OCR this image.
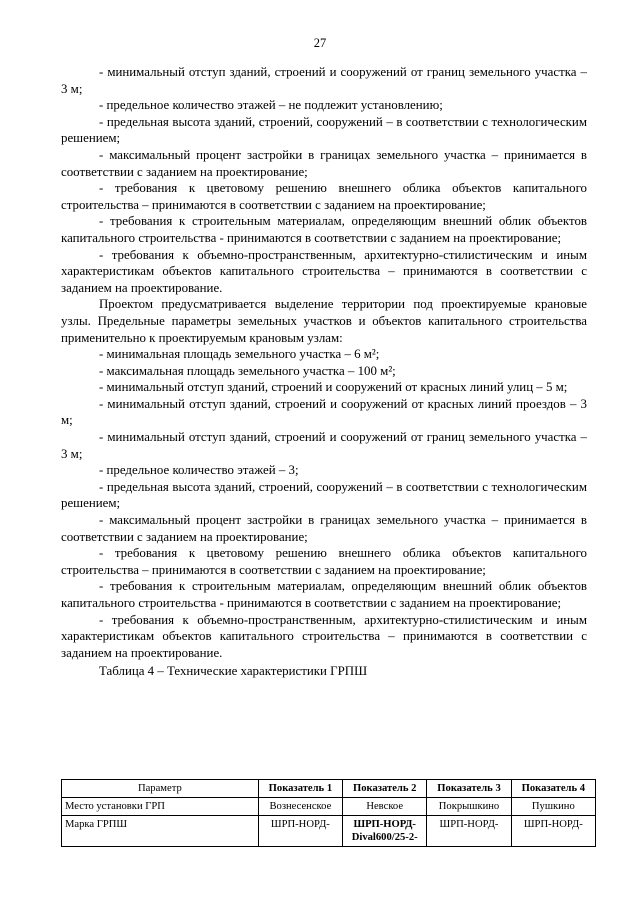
27

- минимальный отступ зданий, строений и сооружений от границ земельного участка – 3 м;

- предельное количество этажей – не подлежит установлению;

- предельная высота зданий, строений, сооружений – в соответствии с технологическим решением;

- максимальный процент застройки в границах земельного участка – принимается в соответствии с заданием на проектирование;

- требования к цветовому решению внешнего облика объектов капитального строительства – принимаются в соответствии с заданием на проектирование;

- требования к строительным материалам, определяющим внешний облик объектов капитального строительства - принимаются в соответствии с заданием на проектирование;

- требования к объемно-пространственным, архитектурно-стилистическим и иным характеристикам объектов капитального строительства – принимаются в соответствии с заданием на проектирование.

Проектом предусматривается выделение территории под проектируемые крановые узлы. Предельные параметры земельных участков и объектов капитального строительства применительно к проектируемым крановым узлам:

- минимальная площадь земельного участка – 6 м²;

- максимальная площадь земельного участка – 100 м²;

- минимальный отступ зданий, строений и сооружений от красных линий улиц – 5 м;

- минимальный отступ зданий, строений и сооружений от красных линий проездов – 3 м;

- минимальный отступ зданий, строений и сооружений от границ земельного участка – 3 м;

- предельное количество этажей – 3;

- предельная высота зданий, строений, сооружений – в соответствии с технологическим решением;

- максимальный процент застройки в границах земельного участка – принимается в соответствии с заданием на проектирование;

- требования к цветовому решению внешнего облика объектов капитального строительства – принимаются в соответствии с заданием на проектирование;

- требования к строительным материалам, определяющим внешний облик объектов капитального строительства - принимаются в соответствии с заданием на проектирование;

- требования к объемно-пространственным, архитектурно-стилистическим и иным характеристикам объектов капитального строительства – принимаются в соответствии с заданием на проектирование.

Таблица 4 – Технические характеристики ГРПШ

Параметр	Показатель 1	Показатель 2	Показатель 3	Показатель 4
Место установки ГРП	Вознесенское	Невское	Покрышкино	Пушкино
Марка ГРПШ	ШРП-НОРД-	ШРП-НОРД-Dival600/25-2-	ШРП-НОРД-	ШРП-НОРД-
